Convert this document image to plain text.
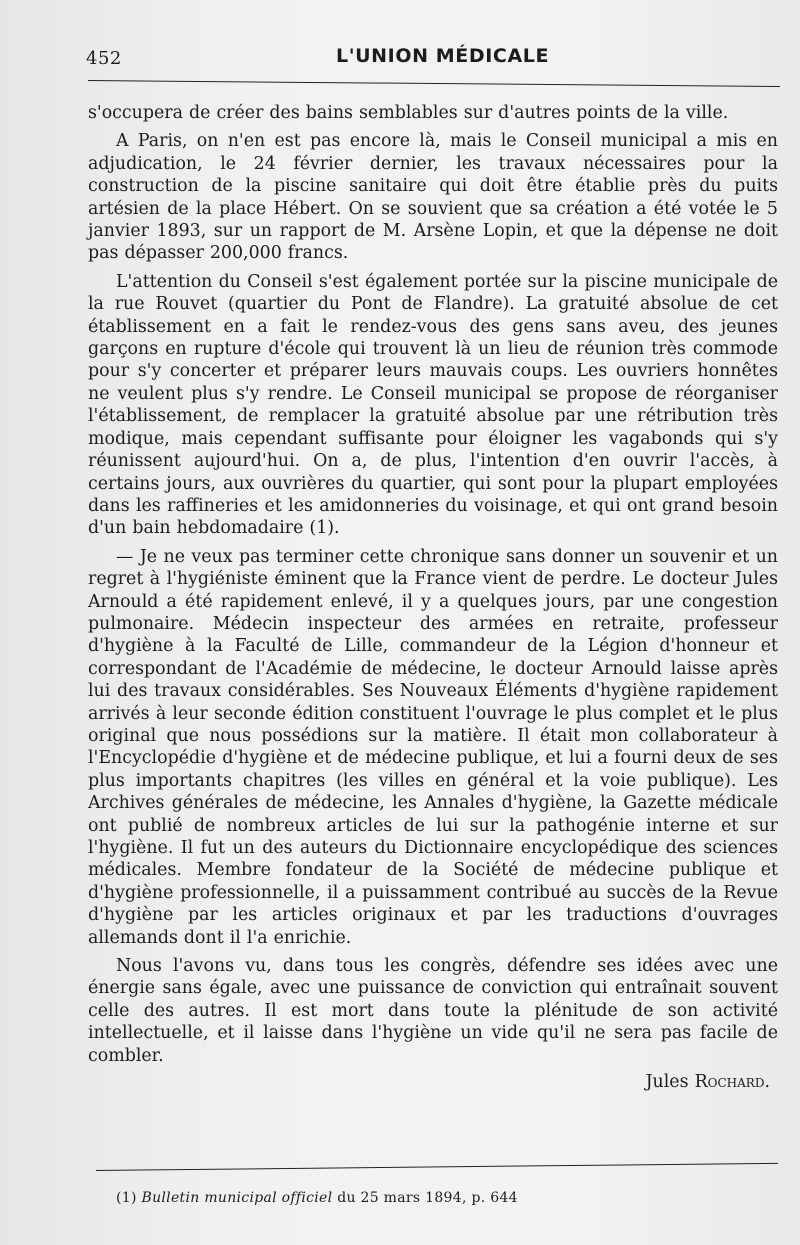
452	L'UNION MÉDICALE

s'occupera de créer des bains semblables sur d'autres points de la ville.

A Paris, on n'en est pas encore là, mais le Conseil municipal a mis en adjudication, le 24 février dernier, les travaux nécessaires pour la construction de la piscine sanitaire qui doit être établie près du puits artésien de la place Hébert. On se souvient que sa création a été votée le 5 janvier 1893, sur un rapport de M. Arsène Lopin, et que la dépense ne doit pas dépasser 200,000 francs.

L'attention du Conseil s'est également portée sur la piscine municipale de la rue Rouvet (quartier du Pont de Flandre). La gratuité absolue de cet établissement en a fait le rendez-vous des gens sans aveu, des jeunes garçons en rupture d'école qui trouvent là un lieu de réunion très commode pour s'y concerter et préparer leurs mauvais coups. Les ouvriers honnêtes ne veulent plus s'y rendre. Le Conseil municipal se propose de réorganiser l'établissement, de remplacer la gratuité absolue par une rétribution très modique, mais cependant suffisante pour éloigner les vagabonds qui s'y réunissent aujourd'hui. On a, de plus, l'intention d'en ouvrir l'accès, à certains jours, aux ouvrières du quartier, qui sont pour la plupart employées dans les raffineries et les amidonneries du voisinage, et qui ont grand besoin d'un bain hebdomadaire (1).

— Je ne veux pas terminer cette chronique sans donner un souvenir et un regret à l'hygiéniste éminent que la France vient de perdre. Le docteur Jules Arnould a été rapidement enlevé, il y a quelques jours, par une congestion pulmonaire. Médecin inspecteur des armées en retraite, professeur d'hygiène à la Faculté de Lille, commandeur de la Légion d'honneur et correspondant de l'Académie de médecine, le docteur Arnould laisse après lui des travaux considérables. Ses Nouveaux Éléments d'hygiène rapidement arrivés à leur seconde édition constituent l'ouvrage le plus complet et le plus original que nous possédions sur la matière. Il était mon collaborateur à l'Encyclopédie d'hygiène et de médecine publique, et lui a fourni deux de ses plus importants chapitres (les villes en général et la voie publique). Les Archives générales de médecine, les Annales d'hygiène, la Gazette médicale ont publié de nombreux articles de lui sur la pathogénie interne et sur l'hygiène. Il fut un des auteurs du Dictionnaire encyclopédique des sciences médicales. Membre fondateur de la Société de médecine publique et d'hygiène professionnelle, il a puissamment contribué au succès de la Revue d'hygiène par les articles originaux et par les traductions d'ouvrages allemands dont il l'a enrichie.

Nous l'avons vu, dans tous les congrès, défendre ses idées avec une énergie sans égale, avec une puissance de conviction qui entraînait souvent celle des autres. Il est mort dans toute la plénitude de son activité intellectuelle, et il laisse dans l'hygiène un vide qu'il ne sera pas facile de combler.

Jules Rochard.
(1) Bulletin municipal officiel du 25 mars 1894, p. 644
